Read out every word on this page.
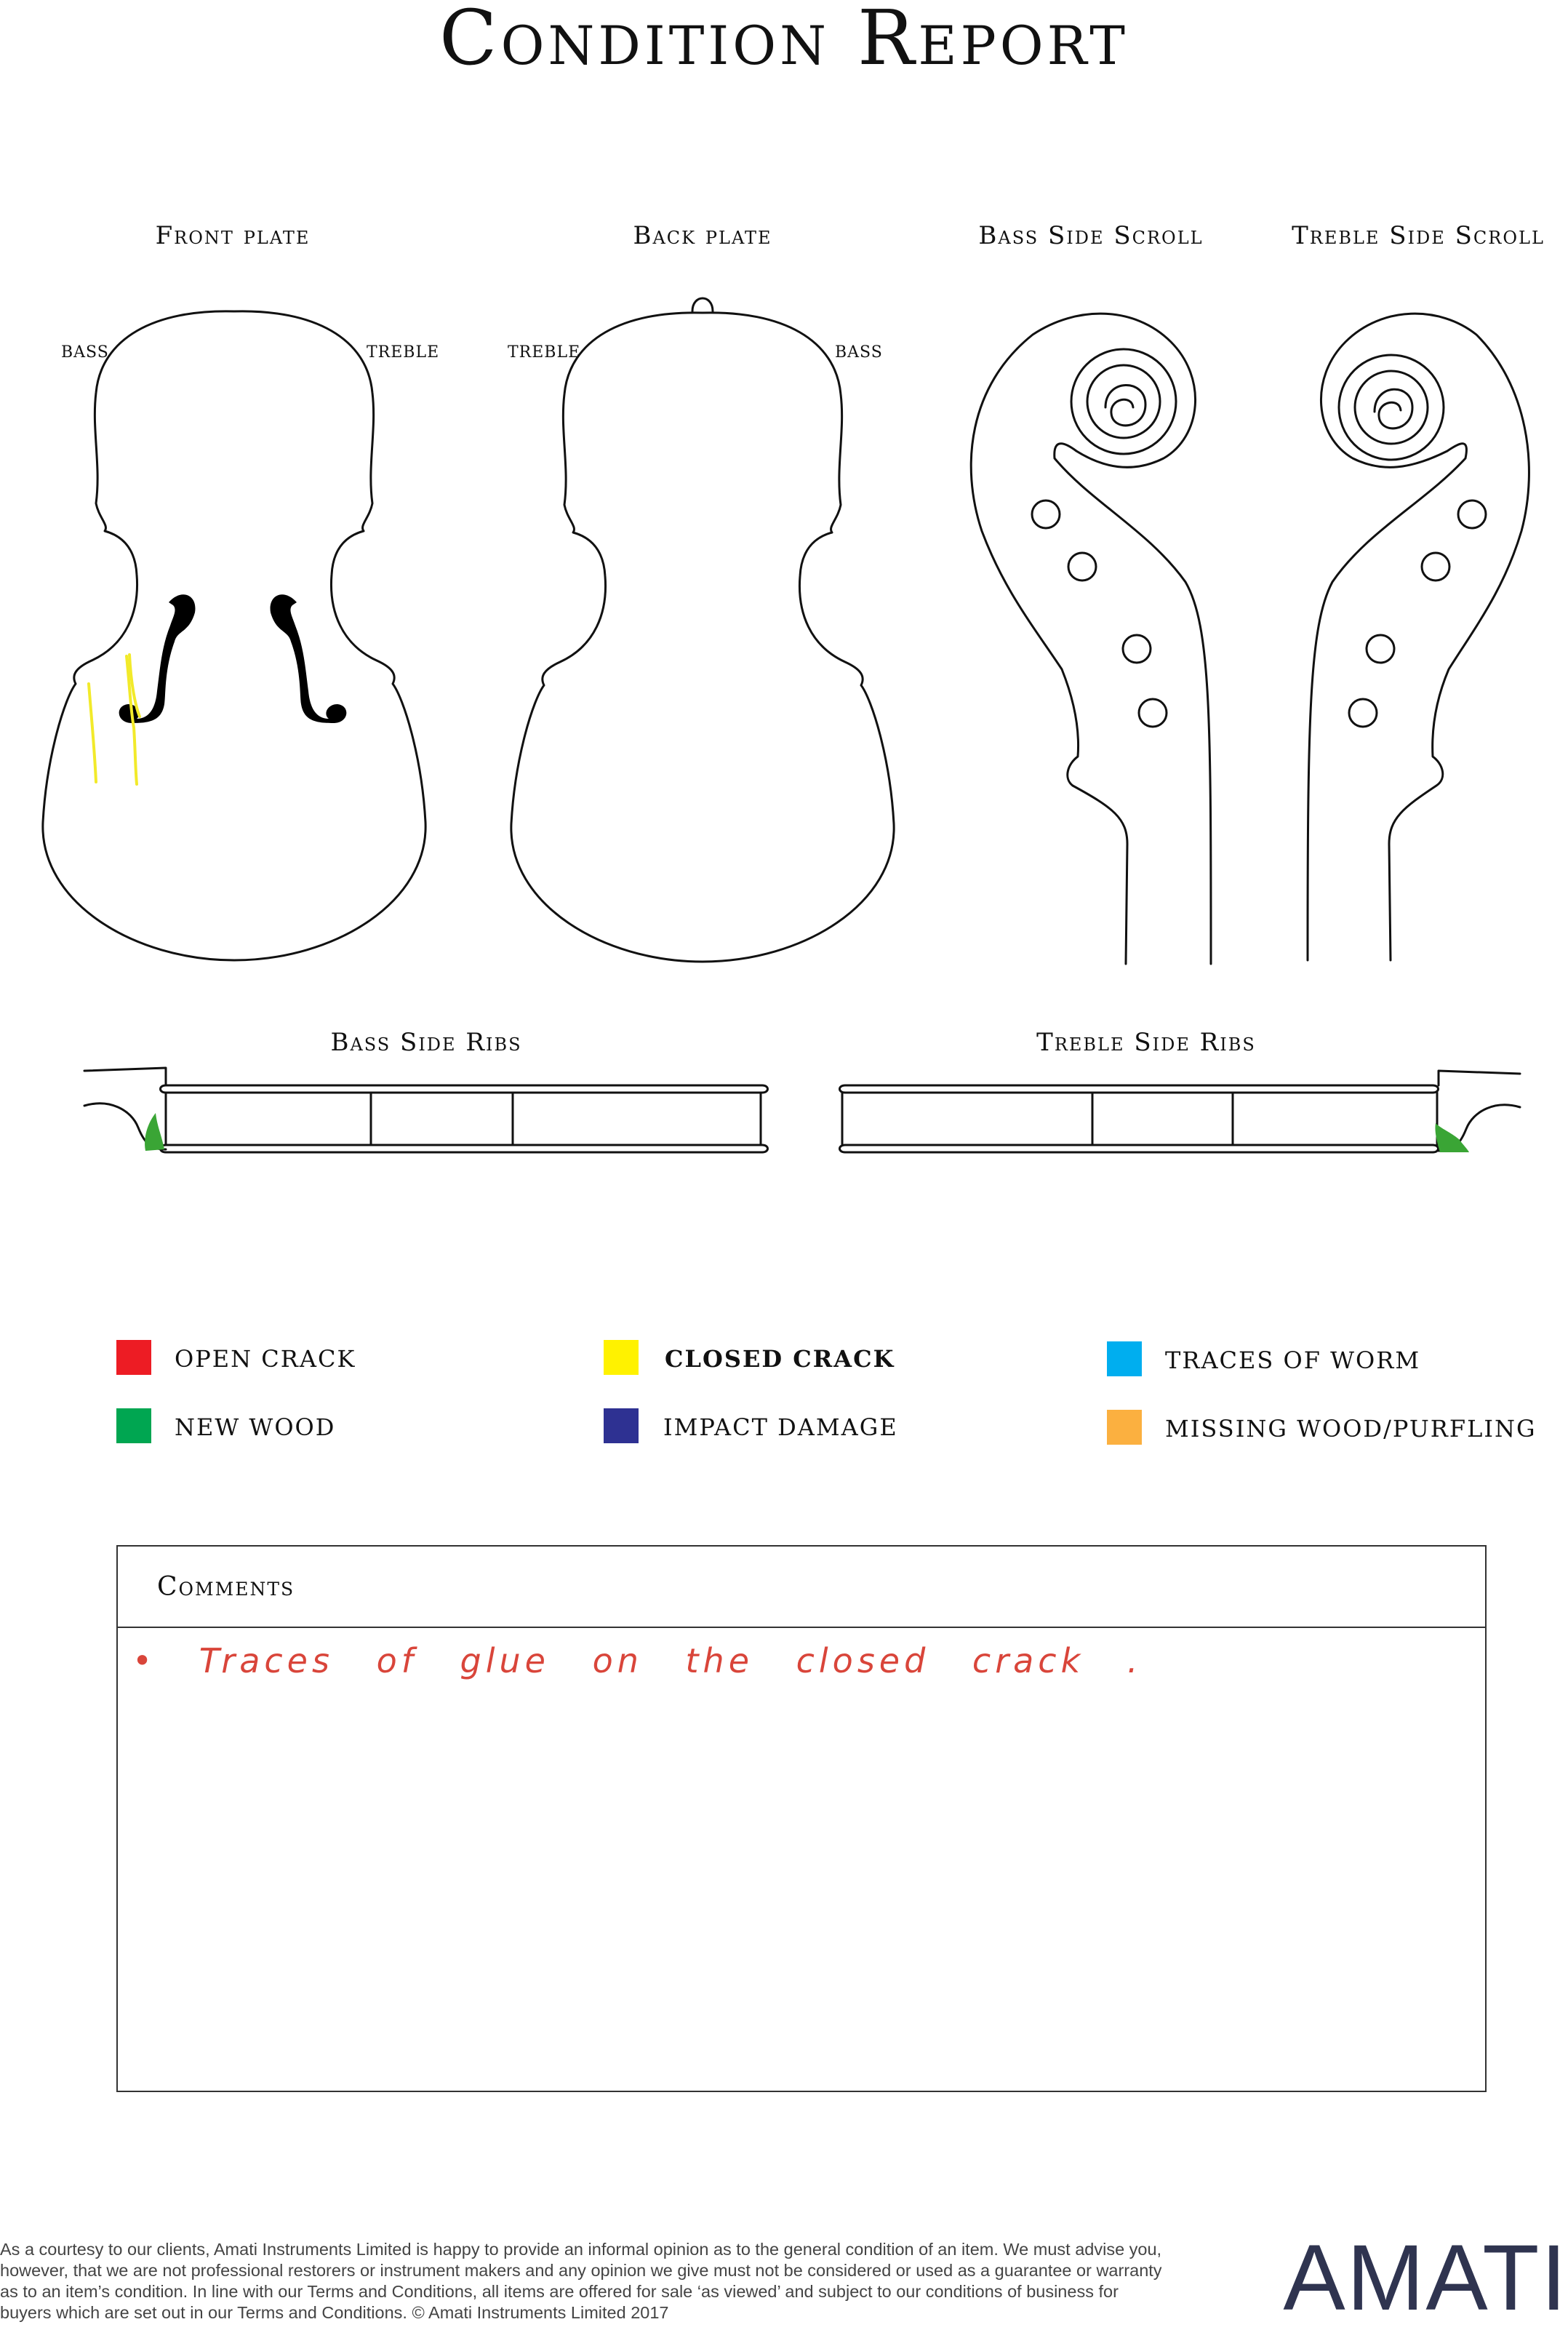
Condition Report
Front plate	Back plate	Bass Side Scroll	Treble Side Scroll
Bass Side Ribs	Treble Side Ribs
BASS	TREBLE	TREBLE	BASS
OPEN CRACK	CLOSED CRACK	TRACES OF WORM
NEW WOOD	IMPACT DAMAGE	MISSING WOOD/PURFLING
Comments
• Traces of glue on the closed crack .
As a courtesy to our clients, Amati Instruments Limited is happy to provide an informal opinion as to the general condition of an item. We must advise you, however, that we are not professional restorers or instrument makers and any opinion we give must not be considered or used as a guarantee or warranty as to an item’s condition. In line with our Terms and Conditions, all items are offered for sale ‘as viewed’ and subject to our conditions of business for buyers which are set out in our Terms and Conditions. © Amati Instruments Limited 2017	AMATI
